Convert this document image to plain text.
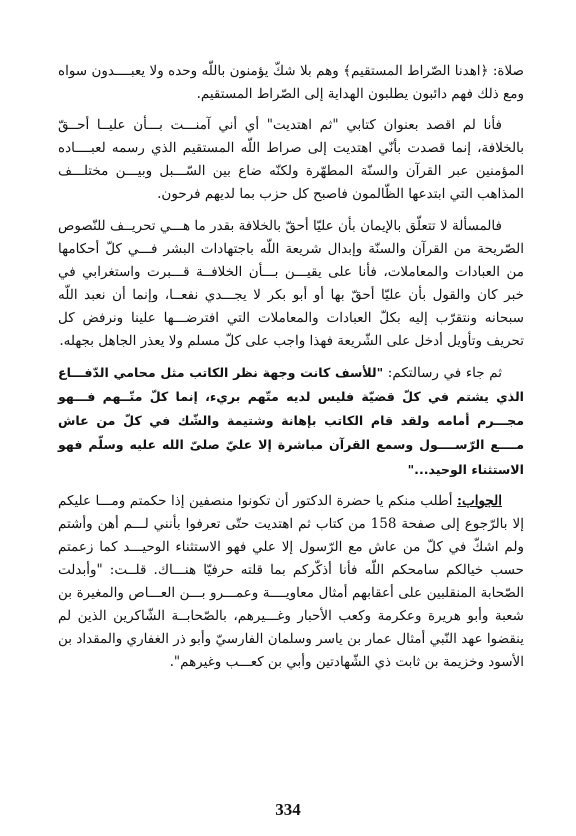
صلاة: ﴿اهدنا الصّراط المستقيم﴾ وهم بلا شكّ يؤمنون باللّه وحده ولا يعبــــدون سواه ومع ذلك فهم دائبون يطلبون الهداية إلى الصّراط المستقيم.

فأنا لم اقصد بعنوان كتابي "ثم اهتديت" أي أني آمنـــت بـــأن عليــا أحــقّ بالخلافة، إنما قصدت بأنّي اهتديت إلى صراط اللّه المستقيم الذي رسمه لعبــــاده المؤمنين عبر القرآن والسنّة المطهّرة ولكنّه ضاع بين السّـــبل وبيـــن مختلـــف المذاهب التي ابتدعها الظّالمون فاصبح كل حزب بما لديهم فرحون.

فالمسألة لا تتعلّق بالإيمان بأن عليّا أحقّ بالخلافة بقدر ما هـــي تحريــف للنّصوص الصّريحة من القرآن والسنّة وإبدال شريعة اللّه باجتهادات البشر فـــي كلّ أحكامها من العبادات والمعاملات، فأنا على يقيـــن بـــأن الخلافــة قـــبرت واستغرابي في خبر كان والقول بأن عليّا أحقّ بها أو أبو بكر لا يجـــدي نفعــا، وإنما أن نعبد اللّه سبحانه ونتقرّب إليه بكلّ العبادات والمعاملات التي افترضـــها علينا ونرفض كل تحريف وتأويل أدخل على الشّريعة فهذا واجب على كلّ مسلم ولا يعذر الجاهل بجهله.

ثم جاء في رسالتكم: "للأسف كانت وجهة نظر الكاتب مثل محامي الدّفـــاع الذي يشتم في كلّ قضيّة فليس لديه متّهم بريء، إنما كلّ متّــهم فـــهو مجـــرم أمامه ولقد قام الكاتب بإهانة وشتيمة والشّك في كلّ من عاش مــــع الرّســــول وسمع القرآن مباشرة إلا عليّ صلىّ الله عليه وسلّم فهو الاستثناء الوحيد..."

الجواب: أطلب منكم يا حضرة الدكتور أن تكونوا منصفين إذا حكمتم ومـــا عليكم إلا بالرّجوع إلى صفحة 158 من كتاب ثم اهتديت حتّى تعرفوا بأنني لـــم أهن وأشتم ولم اشكّ في كلّ من عاش مع الرّسول إلا علي فهو الاستثناء الوحيـــد كما زعمتم حسب خيالكم سامحكم اللّه فأنا أذكّركم بما قلته حرفيّا هنـــاك. قلــت: "وأبدلت الصّحابة المنقلبين على أعقابهم أمثال معاويــــة وعمـــرو بـــن العـــاص والمغيرة بن شعبة وأبو هريرة وعكرمة وكعب الأحبار وغـــيرهم، بالصّحابــة الشّاكرين الذين لم ينقضوا عهد النّبي أمثال عمار بن ياسر وسلمان الفارسيّ وأبو ذر الغفاري والمقداد بن الأسود وخزيمة بن ثابت ذي الشّهادتين وأبي بن كعـــب وغيرهم".

334
